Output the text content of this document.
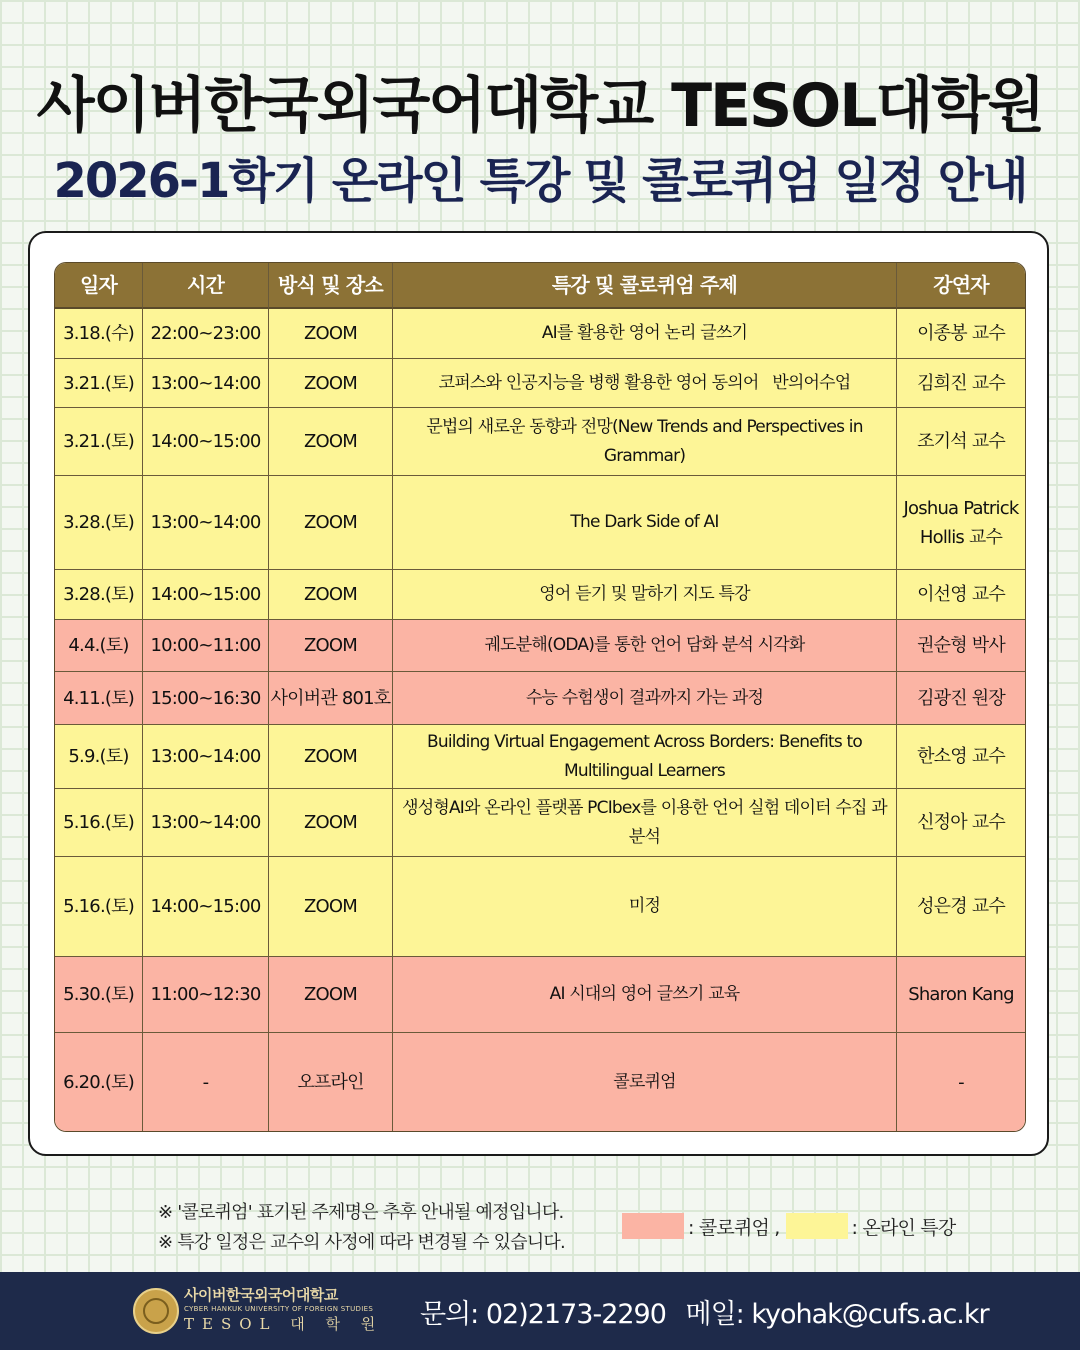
사이버한국외국어대학교 TESOL대학원
2026-1학기 온라인 특강 및 콜로퀴엄 일정 안내
일자	시간	방식 및 장소	특강 및 콜로퀴엄 주제	강연자
3.18.(수)	22:00~23:00	ZOOM	AI를 활용한 영어 논리 글쓰기	이종봉 교수
3.21.(토)	13:00~14:00	ZOOM	코퍼스와 인공지능을 병행 활용한 영어 동의어   반의어수업	김희진 교수
3.21.(토)	14:00~15:00	ZOOM	문법의 새로운 동향과 전망(New Trends and Perspectives in Grammar)	조기석 교수
3.28.(토)	13:00~14:00	ZOOM	The Dark Side of AI	Joshua Patrick Hollis 교수
3.28.(토)	14:00~15:00	ZOOM	영어 듣기 및 말하기 지도 특강	이선영 교수
4.4.(토)	10:00~11:00	ZOOM	궤도분해(ODA)를 통한 언어 담화 분석 시각화	권순형 박사
4.11.(토)	15:00~16:30	사이버관 801호	수능 수험생이 결과까지 가는 과정	김광진 원장
5.9.(토)	13:00~14:00	ZOOM	Building Virtual Engagement Across Borders: Benefits to Multilingual Learners	한소영 교수
5.16.(토)	13:00~14:00	ZOOM	생성형AI와 온라인 플랫폼 PCIbex를 이용한 언어 실험 데이터 수집 과 분석	신정아 교수
5.16.(토)	14:00~15:00	ZOOM	미정	성은경 교수
5.30.(토)	11:00~12:30	ZOOM	AI 시대의 영어 글쓰기 교육	Sharon Kang
6.20.(토)	-	오프라인	콜로퀴엄	-
※ '콜로퀴엄' 표기된 주제명은 추후 안내될 예정입니다.
※ 특강 일정은 교수의 사정에 따라 변경될 수 있습니다.
: 콜로퀴엄 ,	: 온라인 특강
사이버한국외국어대학교
CYBER HANKUK UNIVERSITY OF FOREIGN STUDIES
TESOL 대 학 원 문의: 02)2173-2290 메일: kyohak@cufs.ac.kr
